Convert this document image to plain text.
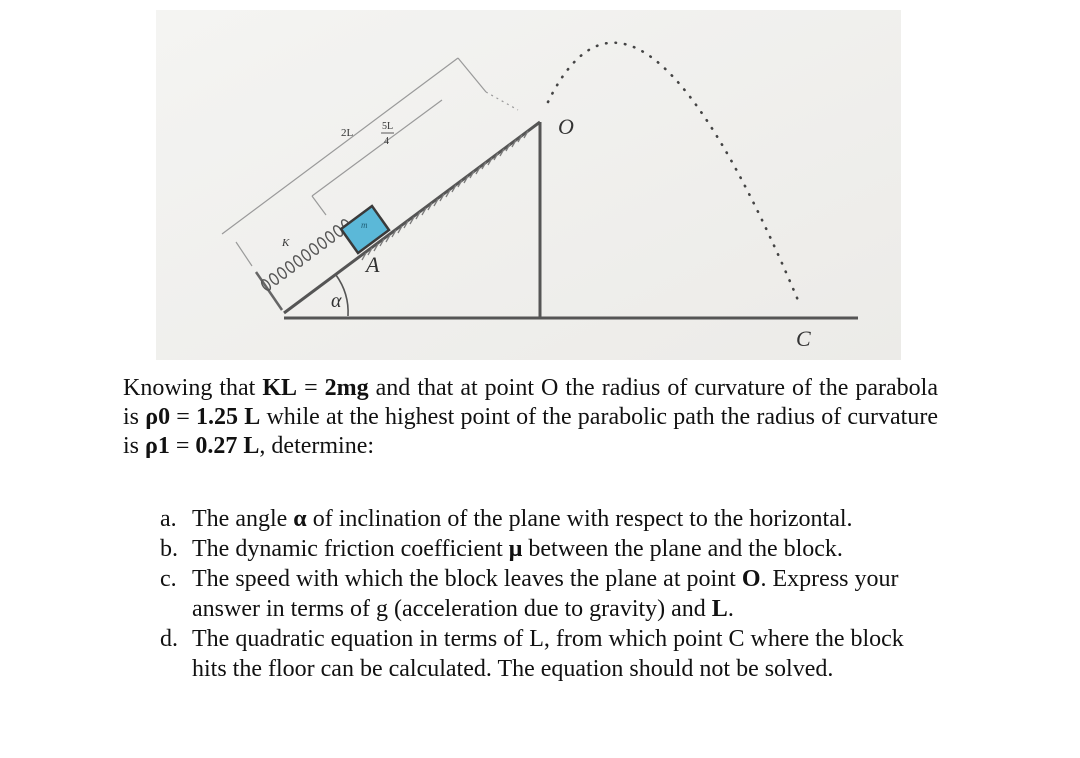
2L
5L
4
K
m
A
α
O
C

Knowing that KL = 2mg and that at point O the radius of curvature of the parabola is ρ0 = 1.25 L while at the highest point of the parabolic path the radius of curvature is ρ1 = 0.27 L, determine:

a. The angle α of inclination of the plane with respect to the horizontal.
b. The dynamic friction coefficient μ between the plane and the block.
c. The speed with which the block leaves the plane at point O. Express your answer in terms of g (acceleration due to gravity) and L.
d. The quadratic equation in terms of L, from which point C where the block hits the floor can be calculated. The equation should not be solved.
